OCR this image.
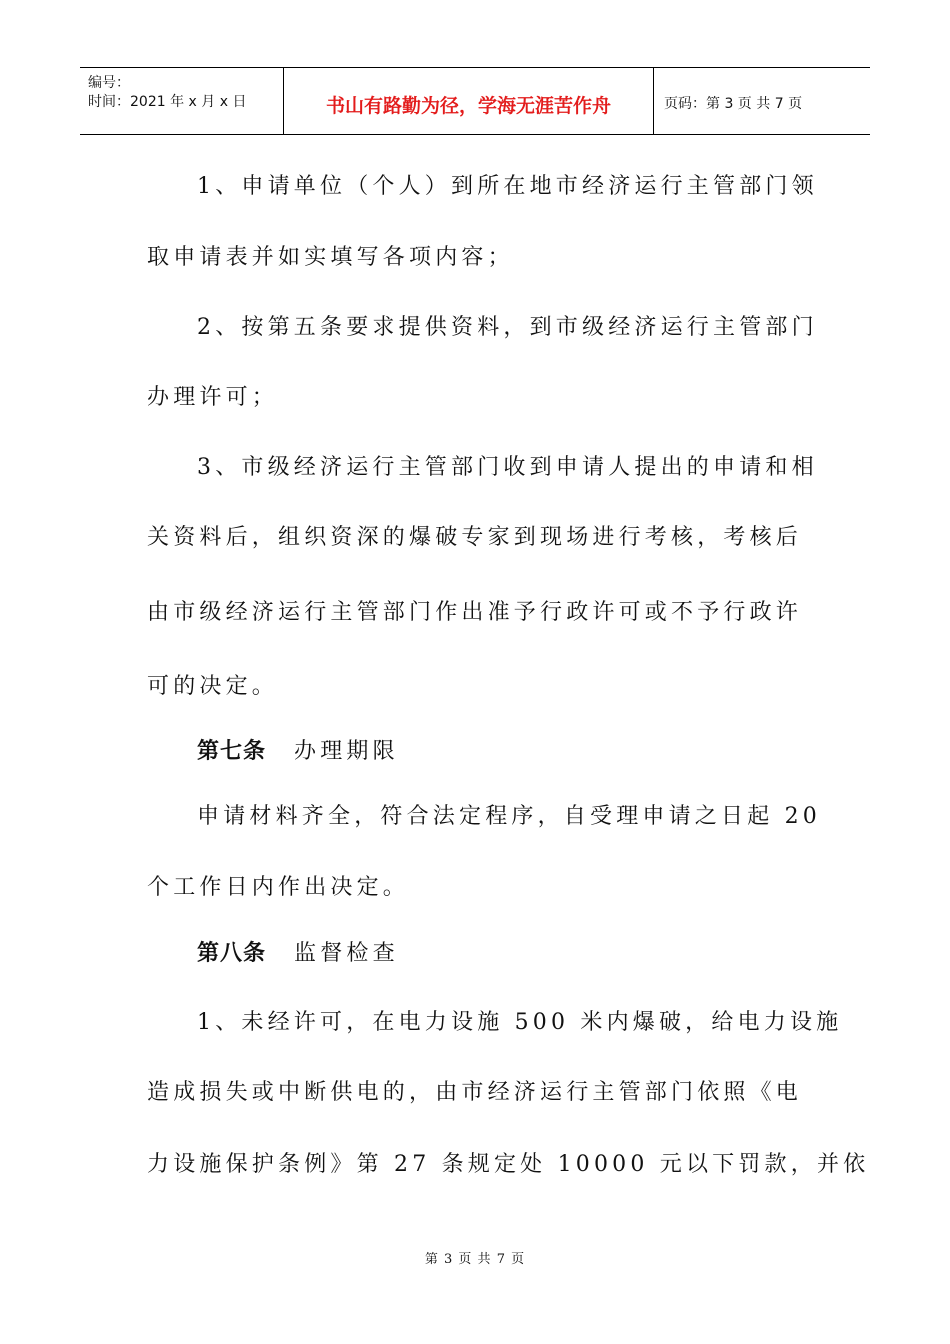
编号：
时间：2021 年 x 月 x 日	书山有路勤为径，学海无涯苦作舟	页码：第 3 页 共 7 页
1、申请单位（个人）到所在地市经济运行主管部门领
取申请表并如实填写各项内容；
2、按第五条要求提供资料，到市级经济运行主管部门
办理许可；
3、市级经济运行主管部门收到申请人提出的申请和相
关资料后，组织资深的爆破专家到现场进行考核，考核后
由市级经济运行主管部门作出准予行政许可或不予行政许
可的决定。
第七条 办理期限
申请材料齐全，符合法定程序，自受理申请之日起 20
个工作日内作出决定。
第八条 监督检查
1、未经许可，在电力设施 500 米内爆破，给电力设施
造成损失或中断供电的，由市经济运行主管部门依照《电
力设施保护条例》第 27 条规定处 10000 元以下罚款，并依
第 3 页 共 7 页
